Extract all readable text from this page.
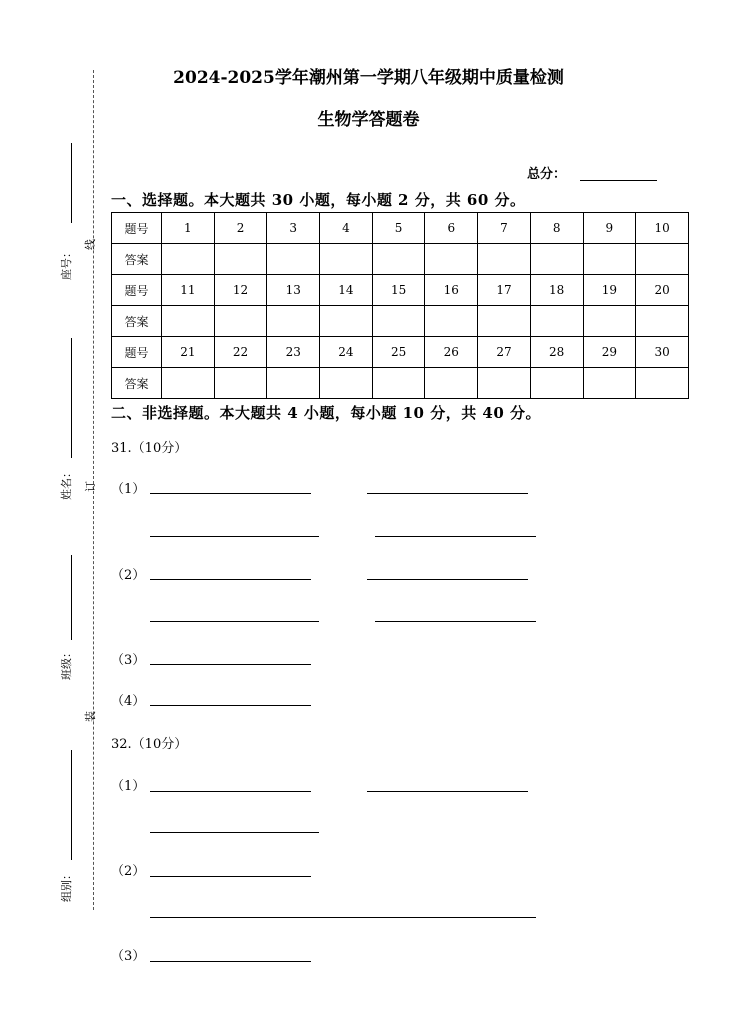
座号：
线
姓名： 订
班级：
装
组别：
2024-2025学年潮州第一学期八年级期中质量检测
生物学答题卷
总分：
一、选择题。本大题共 30 小题，每小题 2 分，共 60 分。
题号	1	2	3	4	5	6	7	8	9	10
答案										
题号	11	12	13	14	15	16	17	18	19	20
答案										
题号	21	22	23	24	25	26	27	28	29	30
答案										
二、非选择题。本大题共 4 小题，每小题 10 分，共 40 分。
31.（10分）
（1）
（2）
（3）
（4）
32.（10分）
（1）
（2）
（3）
